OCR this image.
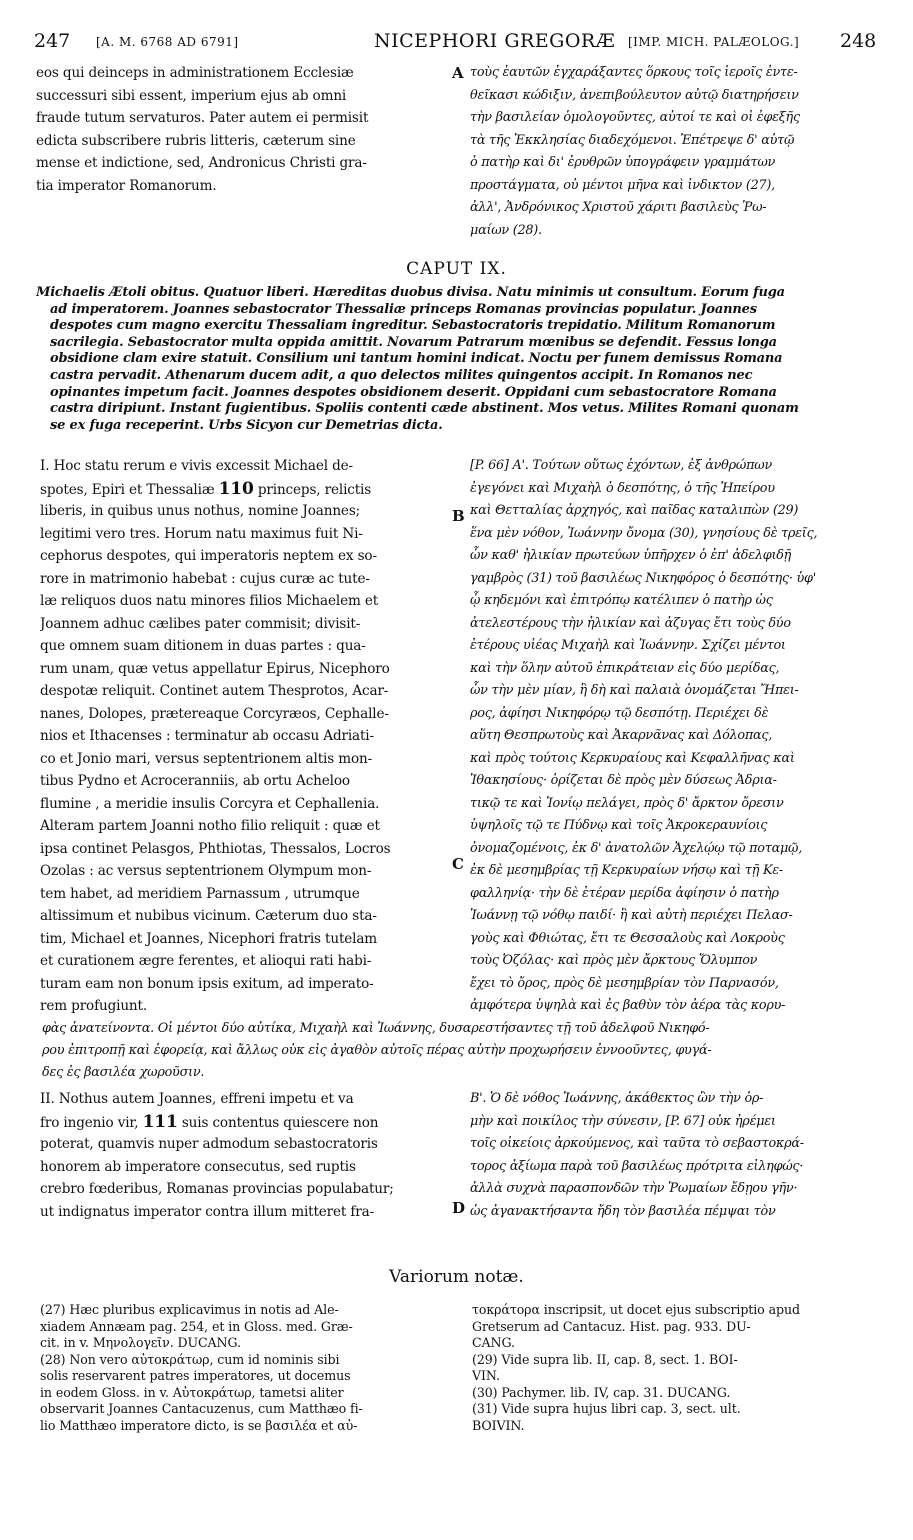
247 [A. M. 6768 AD 6791]	NICEPHORI GREGORÆ [IMP. MICH. PALÆOLOG.] 248
eos qui deinceps in administrationem Ecclesiæ
successuri sibi essent, imperium ejus ab omni
fraude tutum servaturos. Pater autem ei permisit
edicta subscribere rubris litteris, cæterum sine
mense et indictione, sed, Andronicus Christi gra-
tia imperator Romanorum.
A τοὺς ἑαυτῶν ἐγχαράξαντες ὅρκους τοῖς ἱεροῖς ἐντε-
θεῖκασι κώδιξιν, ἀνεπιβούλευτον αὐτῷ διατηρήσειν
τὴν βασιλείαν ὁμολογοῦντες, αὐτοί τε καὶ οἱ ἐφεξῆς
τὰ τῆς Ἐκκλησίας διαδεχόμενοι. Ἐπέτρεψε δ' αὐτῷ
ὁ πατὴρ καὶ δι' ἐρυθρῶν ὑπογράφειν γραμμάτων
προστάγματα, οὐ μέντοι μῆνα καὶ ἰνδικτον (27),
ἀλλ', Ἀνδρόνικος Χριστοῦ χάριτι βασιλεὺς Ῥω-
μαίων (28).
CAPUT IX.
Michaelis Ætoli obitus. Quatuor liberi. Hæreditas duobus divisa. Natu minimis ut consultum. Eorum fuga
ad imperatorem. Joannes sebastocrator Thessaliæ princeps Romanas provincias populatur. Joannes
despotes cum magno exercitu Thessaliam ingreditur. Sebastocratoris trepidatio. Militum Romanorum
sacrilegia. Sebastocrator multa oppida amittit. Novarum Patrarum mœnibus se defendit. Fessus longa
obsidione clam exire statuit. Consilium uni tantum homini indicat. Noctu per funem demissus Romana
castra pervadit. Athenarum ducem adit, a quo delectos milites quingentos accipit. In Romanos nec
opinantes impetum facit. Joannes despotes obsidionem deserit. Oppidani cum sebastocratore Romana
castra diripiunt. Instant fugientibus. Spoliis contenti cæde abstinent. Mos vetus. Milites Romani quonam
se ex fuga receperint. Urbs Sicyon cur Demetrias dicta.
I. Hoc statu rerum e vivis excessit Michael de-
spotes, Epiri et Thessaliæ 110 princeps, relictis
liberis, in quibus unus nothus, nomine Joannes;
legitimi vero tres. Horum natu maximus fuit Ni-
cephorus despotes, qui imperatoris neptem ex so-
rore in matrimonio habebat : cujus curæ ac tute-
læ reliquos duos natu minores filios Michaelem et
Joannem adhuc cælibes pater commisit; divisit-
que omnem suam ditionem in duas partes : qua-
rum unam, quæ vetus appellatur Epirus, Nicephoro
despotæ reliquit. Continet autem Thesprotos, Acar-
nanes, Dolopes, prætereaque Corcyræos, Cephalle-
nios et Ithacenses : terminatur ab occasu Adriati-
co et Jonio mari, versus septentrionem altis mon-
tibus Pydno et Acroceranniis, ab ortu Acheloo
flumine , a meridie insulis Corcyra et Cephallenia.
Alteram partem Joanni notho filio reliquit : quæ et
ipsa continet Pelasgos, Phthiotas, Thessalos, Locros
Ozolas : ac versus septentrionem Olympum mon-
tem habet, ad meridiem Parnassum , utrumque
altissimum et nubibus vicinum. Cæterum duo sta-
tim, Michael et Joannes, Nicephori fratris tutelam
et curationem ægre ferentes, et alioqui rati habi-
turam eam non bonum ipsis exitum, ad imperato-
rem profugiunt.
B
C
[P. 66] Α'. Τούτων οὕτως ἐχόντων, ἐξ ἀνθρώπων
ἐγεγόνει καὶ Μιχαὴλ ὁ δεσπότης, ὁ τῆς Ἠπείρου
καὶ Θετταλίας ἀρχηγός, καὶ παῖδας καταλιπὼν (29)
ἕνα μὲν νόθον, Ἰωάννην ὄνομα (30), γνησίους δὲ τρεῖς,
ὧν καθ' ἡλικίαν πρωτεύων ὑπῆρχεν ὁ ἐπ' ἀδελφιδῇ
γαμβρὸς (31) τοῦ βασιλέως Νικηφόρος ὁ δεσπότης· ὑφ'
ᾧ κηδεμόνι καὶ ἐπιτρόπῳ κατέλιπεν ὁ πατὴρ ὡς
ἀτελεστέρους τὴν ἡλικίαν καὶ ἀζυγας ἔτι τοὺς δύο
ἑτέρους υἱέας Μιχαὴλ καὶ Ἰωάννην. Σχίζει μέντοι
καὶ τὴν ὅλην αὐτοῦ ἐπικράτειαν εἰς δύο μερίδας,
ὧν τὴν μὲν μίαν, ἣ δὴ καὶ παλαιὰ ὀνομάζεται Ἤπει-
ρος, ἀφίησι Νικηφόρῳ τῷ δεσπότῃ. Περιέχει δὲ
αὕτη Θεσπρωτοὺς καὶ Ἀκαρνᾶνας καὶ Δόλοπας,
καὶ πρὸς τούτοις Κερκυραίους καὶ Κεφαλλῆνας καὶ
Ἰθακησίους· ὁρίζεται δὲ πρὸς μὲν δύσεως Ἀδρια-
τικῷ τε καὶ Ἰονίῳ πελάγει, πρὸς δ' ἄρκτον ὄρεσιν
ὑψηλοῖς τῷ τε Πύδνῳ καὶ τοῖς Ἀκροκεραυνίοις
ὀνομαζομένοις, ἐκ δ' ἀνατολῶν Ἀχελῴῳ τῷ ποταμῷ,
ἐκ δὲ μεσημβρίας τῇ Κερκυραίων νήσῳ καὶ τῇ Κε-
φαλληνίᾳ· τὴν δὲ ἑτέραν μερίδα ἀφίησιν ὁ πατὴρ
Ἰωάννῃ τῷ νόθῳ παιδί· ἣ καὶ αὐτὴ περιέχει Πελασ-
γοὺς καὶ Φθιώτας, ἔτι τε Θεσσαλοὺς καὶ Λοκροὺς
τοὺς Ὀζόλας· καὶ πρὸς μὲν ἄρκτους Ὄλυμπον
ἔχει τὸ ὄρος, πρὸς δὲ μεσημβρίαν τὸν Παρνασόν,
ἀμφότερα ὑψηλὰ καὶ ἐς βαθὺν τὸν ἀέρα τὰς κορυ-
φὰς ἀνατείνοντα. Οἱ μέντοι δύο αὐτίκα, Μιχαὴλ καὶ Ἰωάννης, δυσαρεστήσαντες τῇ τοῦ ἀδελφοῦ Νικηφό-
ρου ἐπιτροπῇ καὶ ἐφορείᾳ, καὶ ἄλλως οὐκ εἰς ἀγαθὸν αὐτοῖς πέρας αὐτὴν προχωρήσειν ἐννοοῦντες, φυγά-
δες ἐς βασιλέα χωροῦσιν.
II. Nothus autem Joannes, effreni impetu et va
fro ingenio vir, 111 suis contentus quiescere non
poterat, quamvis nuper admodum sebastocratoris
honorem ab imperatore consecutus, sed ruptis
crebro fœderibus, Romanas provincias populabatur;
ut indignatus imperator contra illum mitteret fra-	D
Β'. Ὁ δὲ νόθος Ἰωάννης, ἀκάθεκτος ὢν τὴν ὁρ-
μὴν καὶ ποικίλος τὴν σύνεσιν, [P. 67] οὐκ ἠρέμει
τοῖς οἰκείοις ἀρκούμενος, καὶ ταῦτα τὸ σεβαστοκρά-
τορος ἀξίωμα παρὰ τοῦ βασιλέως πρότριτα εἰληφώς·
ἀλλὰ συχνὰ παρασπονδῶν τὴν Ῥωμαίων ἔδῃου γῆν·
ὡς ἀγανακτήσαντα ἤδη τὸν βασιλέα πέμψαι τὸν
Variorum notæ.
(27) Hæc pluribus explicavimus in notis ad Ale-
xiadem Annæam pag. 254, et in Gloss. med. Græ-
cit. in v. Μηνολογεῖν. DUCANG.
(28) Non vero αὐτοκράτωρ, cum id nominis sibi
solis reservarent patres imperatores, ut docemus
in eodem Gloss. in v. Αὐτοκράτωρ, tametsi aliter
observarit Joannes Cantacuzenus, cum Matthæo fi-
lio Matthæo imperatore dicto, is se βασιλέα et αὐ-
τοκράτορα inscripsit, ut docet ejus subscriptio apud
Gretserum ad Cantacuz. Hist. pag. 933. DU-
CANG.
(29) Vide supra lib. II, cap. 8, sect. 1. BOI-
VIN.
(30) Pachymer. lib. IV, cap. 31. DUCANG.
(31) Vide supra hujus libri cap. 3, sect. ult.
BOIVIN.
